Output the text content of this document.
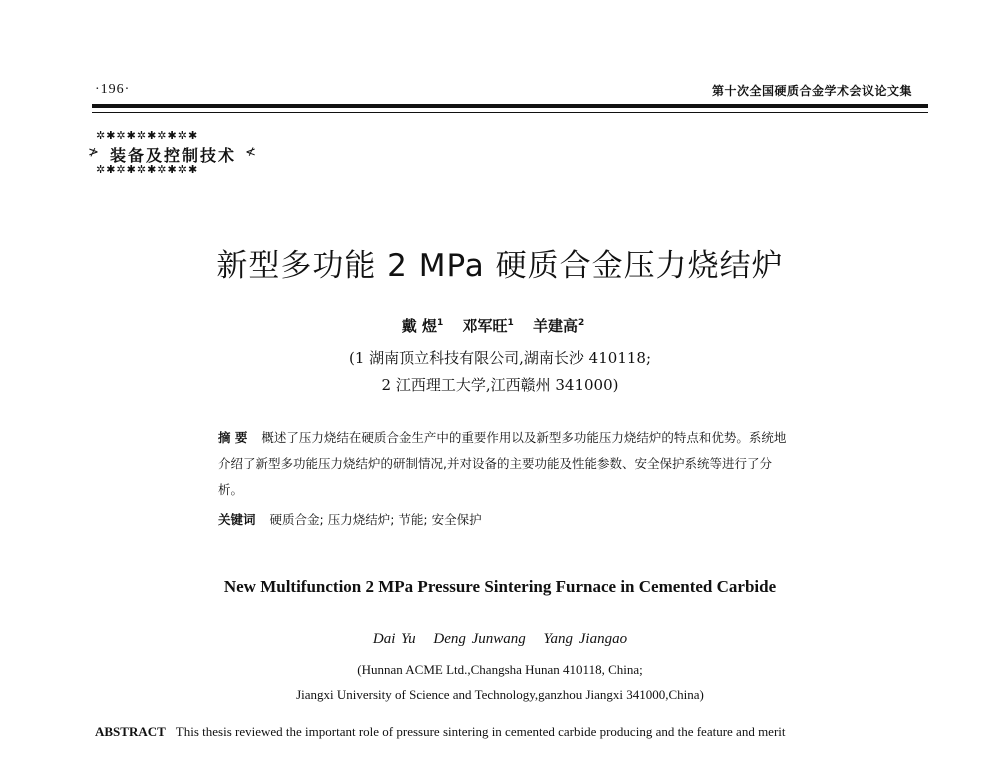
·196·	第十次全国硬质合金学术会议论文集
✲✱✲✱✲✱✲✱✲✱
≯ 装备及控制技术 ≮
✲✱✲✱✲✱✲✱✲✱
新型多功能 2 MPa 硬质合金压力烧结炉
戴 煜$^1$ 邓军旺$^1$ 羊建高$^2$
(1 湖南顶立科技有限公司,湖南长沙 410118;
2 江西理工大学,江西赣州 341000)
摘 要 概述了压力烧结在硬质合金生产中的重要作用以及新型多功能压力烧结炉的特点和优势。系统地介绍了新型多功能压力烧结炉的研制情况,并对设备的主要功能及性能参数、安全保护系统等进行了分析。
关键词 硬质合金; 压力烧结炉; 节能; 安全保护
New Multifunction 2 MPa Pressure Sintering Furnace in Cemented Carbide
Dai Yu Deng Junwang Yang Jiangao
(Hunnan ACME Ltd.,Changsha Hunan 410118, China;
Jiangxi University of Science and Technology,ganzhou Jiangxi 341000,China)
ABSTRACT This thesis reviewed the important role of pressure sintering in cemented carbide producing and the feature and merit
